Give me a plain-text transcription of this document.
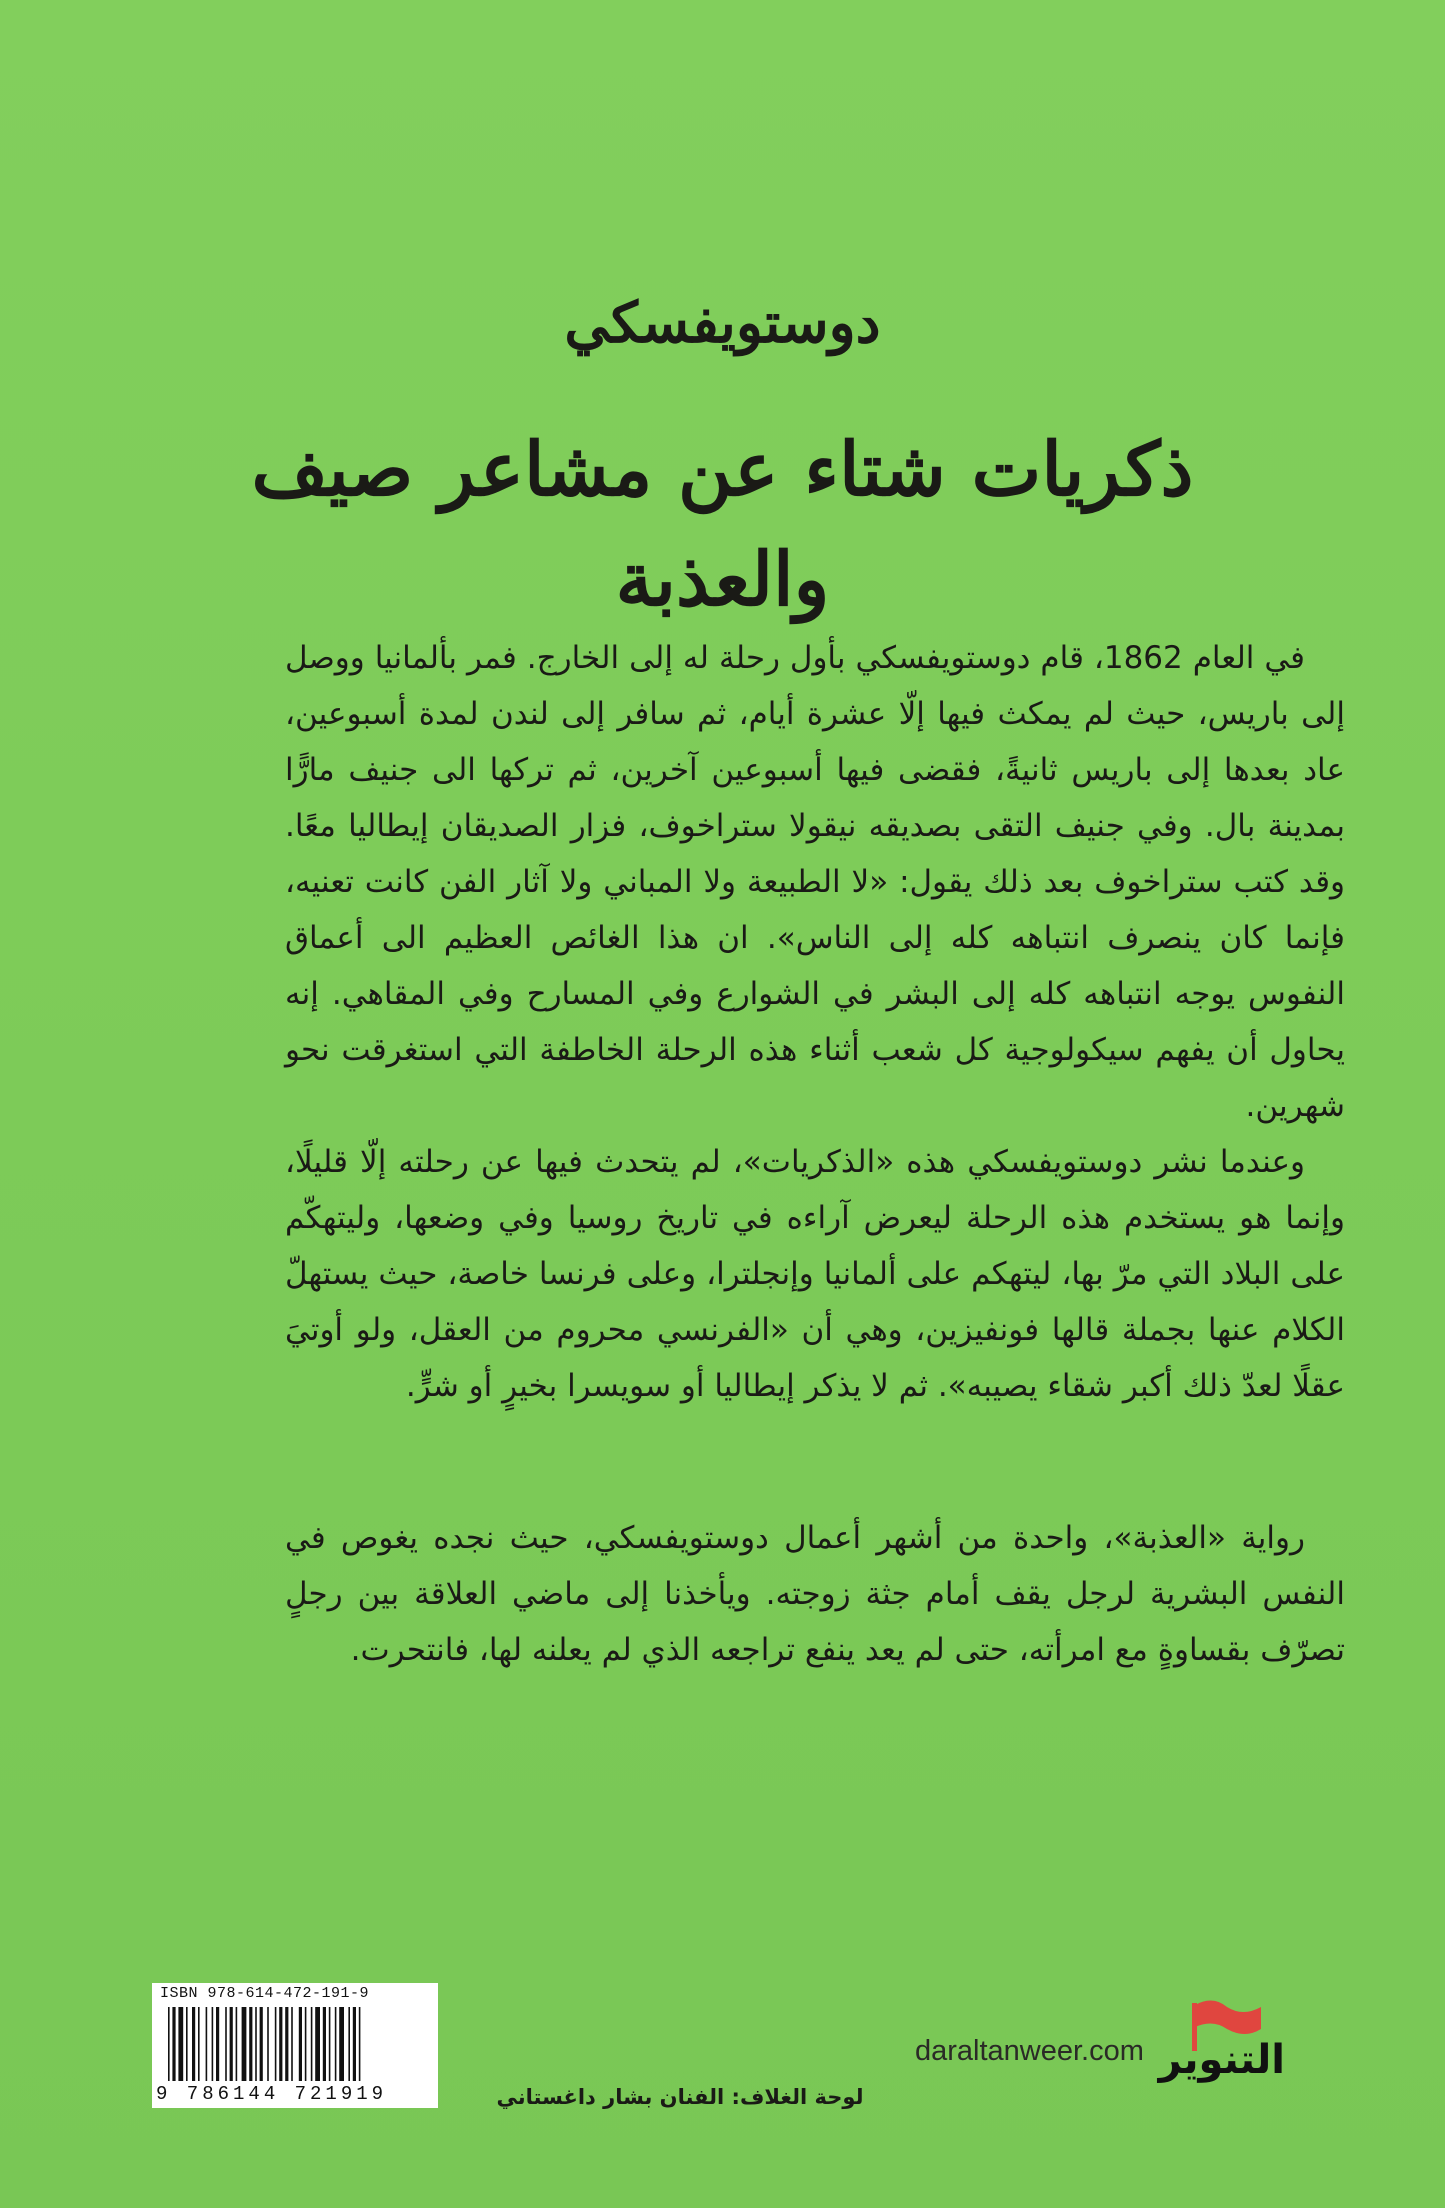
دوستويفسكي
ذكريات شتاء عن مشاعر صيف
والعذبة

في العام 1862، قام دوستويفسكي بأول رحلة له إلى الخارج. فمر بألمانيا ووصل إلى باريس، حيث لم يمكث فيها إلّا عشرة أيام، ثم سافر إلى لندن لمدة أسبوعين، عاد بعدها إلى باريس ثانيةً، فقضى فيها أسبوعين آخرين، ثم تركها الى جنيف مارًّا بمدينة بال. وفي جنيف التقى بصديقه نيقولا ستراخوف، فزار الصديقان إيطاليا معًا. وقد كتب ستراخوف بعد ذلك يقول: «لا الطبيعة ولا المباني ولا آثار الفن كانت تعنيه، فإنما كان ينصرف انتباهه كله إلى الناس». ان هذا الغائص العظيم الى أعماق النفوس يوجه انتباهه كله إلى البشر في الشوارع وفي المسارح وفي المقاهي. إنه يحاول أن يفهم سيكولوجية كل شعب أثناء هذه الرحلة الخاطفة التي استغرقت نحو شهرين.

وعندما نشر دوستويفسكي هذه «الذكريات»، لم يتحدث فيها عن رحلته إلّا قليلًا، وإنما هو يستخدم هذه الرحلة ليعرض آراءه في تاريخ روسيا وفي وضعها، وليتهكّم على البلاد التي مرّ بها، ليتهكم على ألمانيا وإنجلترا، وعلى فرنسا خاصة، حيث يستهلّ الكلام عنها بجملة قالها فونفيزين، وهي أن «الفرنسي محروم من العقل، ولو أوتيَ عقلًا لعدّ ذلك أكبر شقاء يصيبه». ثم لا يذكر إيطاليا أو سويسرا بخيرٍ أو شرٍّ.

رواية «العذبة»، واحدة من أشهر أعمال دوستويفسكي، حيث نجده يغوص في النفس البشرية لرجل يقف أمام جثة زوجته. ويأخذنا إلى ماضي العلاقة بين رجلٍ تصرّف بقساوةٍ مع امرأته، حتى لم يعد ينفع تراجعه الذي لم يعلنه لها، فانتحرت.

ISBN 978-614-472-191-9
9 786144 721919	لوحة الغلاف: الفنان بشار داغستاني
daraltanweer.com التنوير
